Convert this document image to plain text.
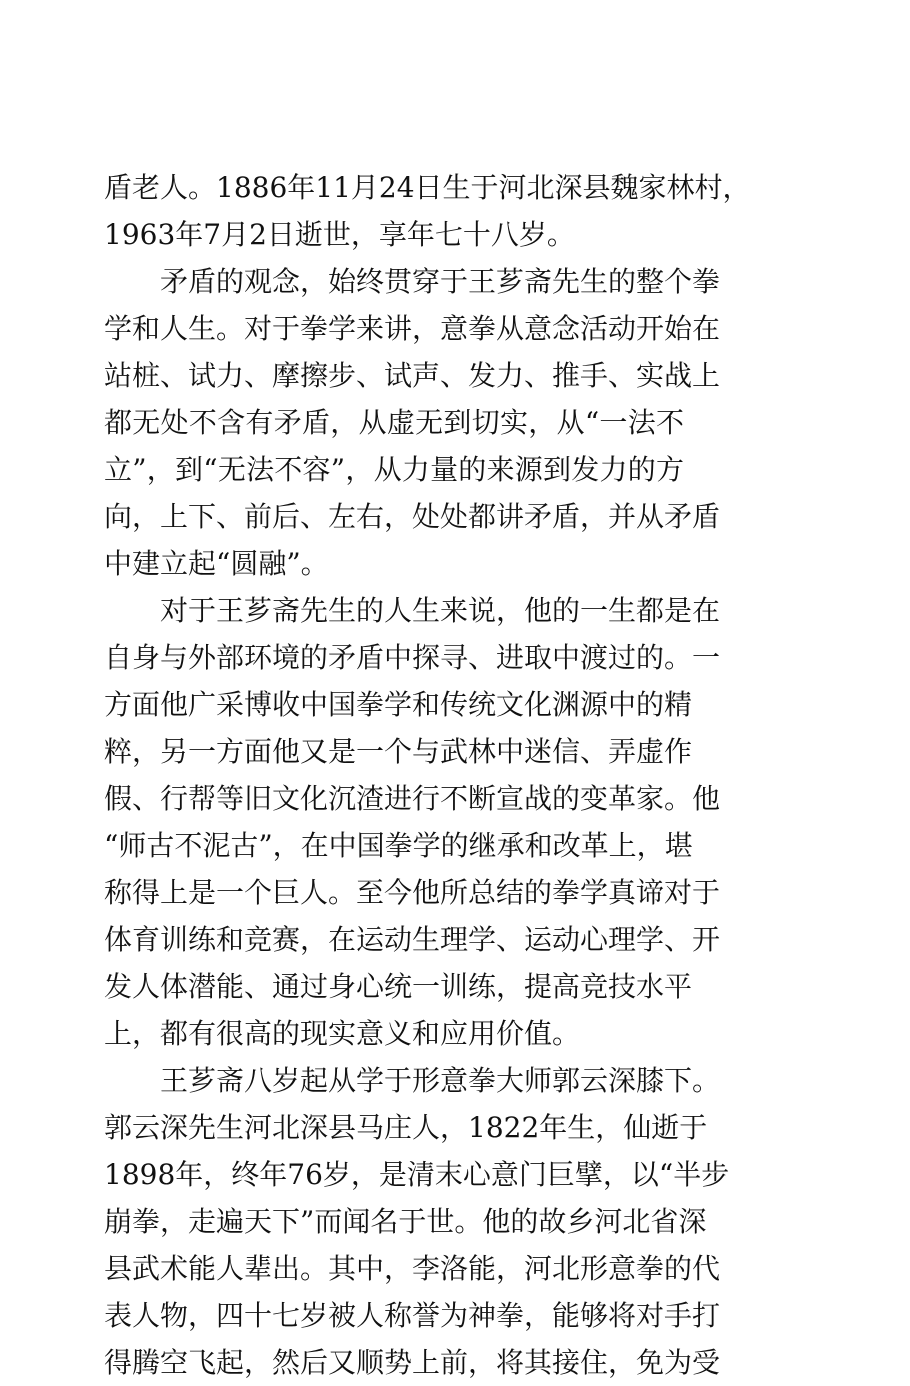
盾老人。1886年11月24日生于河北深县魏家林村，
1963年7月2日逝世，享年七十八岁。
矛盾的观念，始终贯穿于王芗斋先生的整个拳
学和人生。对于拳学来讲，意拳从意念活动开始在
站桩、试力、摩擦步、试声、发力、推手、实战上
都无处不含有矛盾，从虚无到切实，从“一法不
立”，到“无法不容”，从力量的来源到发力的方
向，上下、前后、左右，处处都讲矛盾，并从矛盾
中建立起“圆融”。
对于王芗斋先生的人生来说，他的一生都是在
自身与外部环境的矛盾中探寻、进取中渡过的。一
方面他广采博收中国拳学和传统文化渊源中的精
粹，另一方面他又是一个与武林中迷信、弄虚作
假、行帮等旧文化沉渣进行不断宣战的变革家。他
“师古不泥古”，在中国拳学的继承和改革上，堪
称得上是一个巨人。至今他所总结的拳学真谛对于
体育训练和竞赛，在运动生理学、运动心理学、开
发人体潜能、通过身心统一训练，提高竞技水平
上，都有很高的现实意义和应用价值。
王芗斋八岁起从学于形意拳大师郭云深膝下。
郭云深先生河北深县马庄人，1822年生，仙逝于
1898年，终年76岁，是清末心意门巨擘，以“半步
崩拳，走遍天下”而闻名于世。他的故乡河北省深
县武术能人辈出。其中，李洛能，河北形意拳的代
表人物，四十七岁被人称誉为神拳，能够将对手打
得腾空飞起，然后又顺势上前，将其接住，免为受
